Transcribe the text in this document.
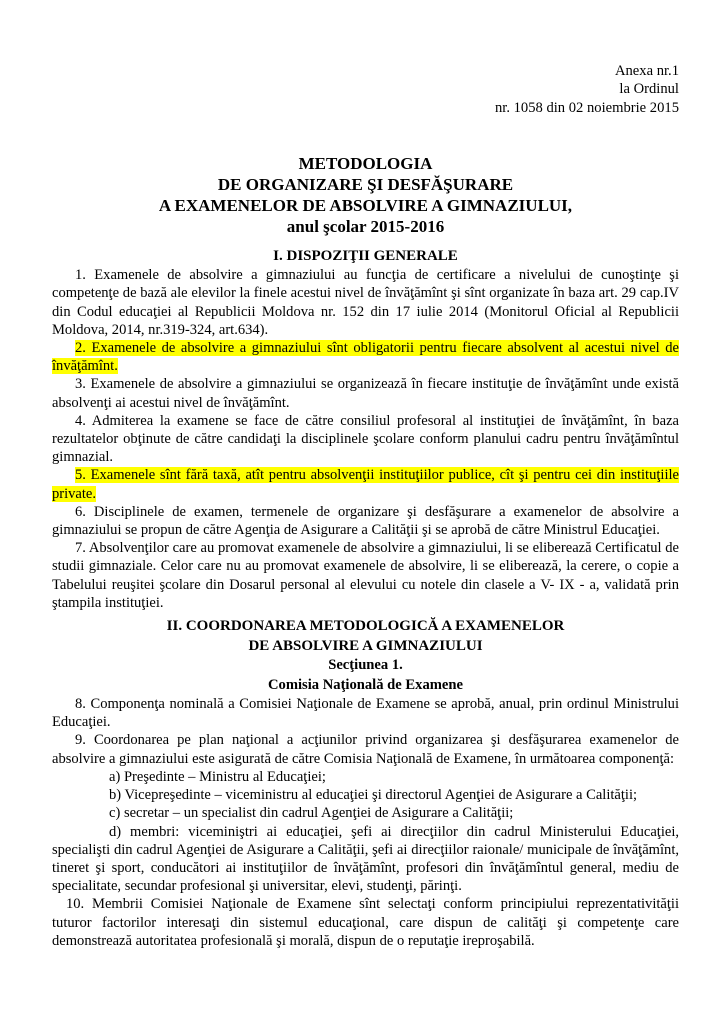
Anexa nr.1
la Ordinul
nr. 1058 din 02 noiembrie 2015
METODOLOGIA
DE ORGANIZARE ŞI DESFĂŞURARE
A EXAMENELOR DE ABSOLVIRE A GIMNAZIULUI,
anul şcolar 2015-2016
I. DISPOZIŢII GENERALE

1. Examenele de absolvire a gimnaziului au funcţia de certificare a nivelului de cunoştinţe şi competenţe de bază ale elevilor la finele acestui nivel de învăţămînt şi sînt organizate în baza art. 29 cap.IV din Codul educaţiei al Republicii Moldova nr. 152 din 17 iulie 2014 (Monitorul Oficial al Republicii Moldova, 2014, nr.319-324, art.634).

2. Examenele de absolvire a gimnaziului sînt obligatorii pentru fiecare absolvent al acestui nivel de învăţămînt.

3. Examenele de absolvire a gimnaziului se organizează în fiecare instituţie de învăţămînt unde există absolvenţi ai acestui nivel de învăţămînt.

4. Admiterea la examene se face de către consiliul profesoral al instituţiei de învăţămînt, în baza rezultatelor obţinute de către candidaţi la disciplinele şcolare conform planului cadru pentru învăţămîntul gimnazial.

5. Examenele sînt fără taxă, atît pentru absolvenţii instituţiilor publice, cît şi pentru cei din instituţiile private.

6. Disciplinele de examen, termenele de organizare şi desfăşurare a examenelor de absolvire a gimnaziului se propun de către Agenţia de Asigurare a Calităţii şi se aprobă de către Ministrul Educaţiei.

7. Absolvenţilor care au promovat examenele de absolvire a gimnaziului, li se eliberează Certificatul de studii gimnaziale. Celor care nu au promovat examenele de absolvire, li se eliberează, la cerere, o copie a Tabelului reuşitei şcolare din Dosarul personal al elevului cu notele din clasele a V- IX - a, validată prin ştampila instituţiei.

II. COORDONAREA METODOLOGICĂ A EXAMENELOR
DE ABSOLVIRE A GIMNAZIULUI
Secţiunea 1.
Comisia Naţională de Examene

8. Componenţa nominală a Comisiei Naţionale de Examene se aprobă, anual, prin ordinul Ministrului Educaţiei.

9. Coordonarea pe plan naţional a acţiunilor privind organizarea şi desfăşurarea examenelor de absolvire a gimnaziului este asigurată de către Comisia Naţională de Examene, în următoarea componenţă:

a) Preşedinte – Ministru al Educaţiei;

b) Vicepreşedinte – viceministru al educaţiei şi directorul Agenţiei de Asigurare a Calităţii;

c) secretar – un specialist din cadrul Agenţiei de Asigurare a Calităţii;

d) membri: viceminiştri ai educaţiei, şefi ai direcţiilor din cadrul Ministerului Educaţiei, specialişti din cadrul Agenţiei de Asigurare a Calităţii, şefi ai direcţiilor raionale/ municipale de învăţămînt, tineret şi sport, conducători ai instituţiilor de învăţămînt, profesori din învăţămîntul general, mediu de specialitate, secundar profesional şi universitar, elevi, studenţi, părinţi.

10. Membrii Comisiei Naţionale de Examene sînt selectaţi conform principiului reprezentativităţii tuturor factorilor interesaţi din sistemul educaţional, care dispun de calităţi şi competenţe care demonstrează autoritatea profesională şi morală, dispun de o reputaţie ireproşabilă.
